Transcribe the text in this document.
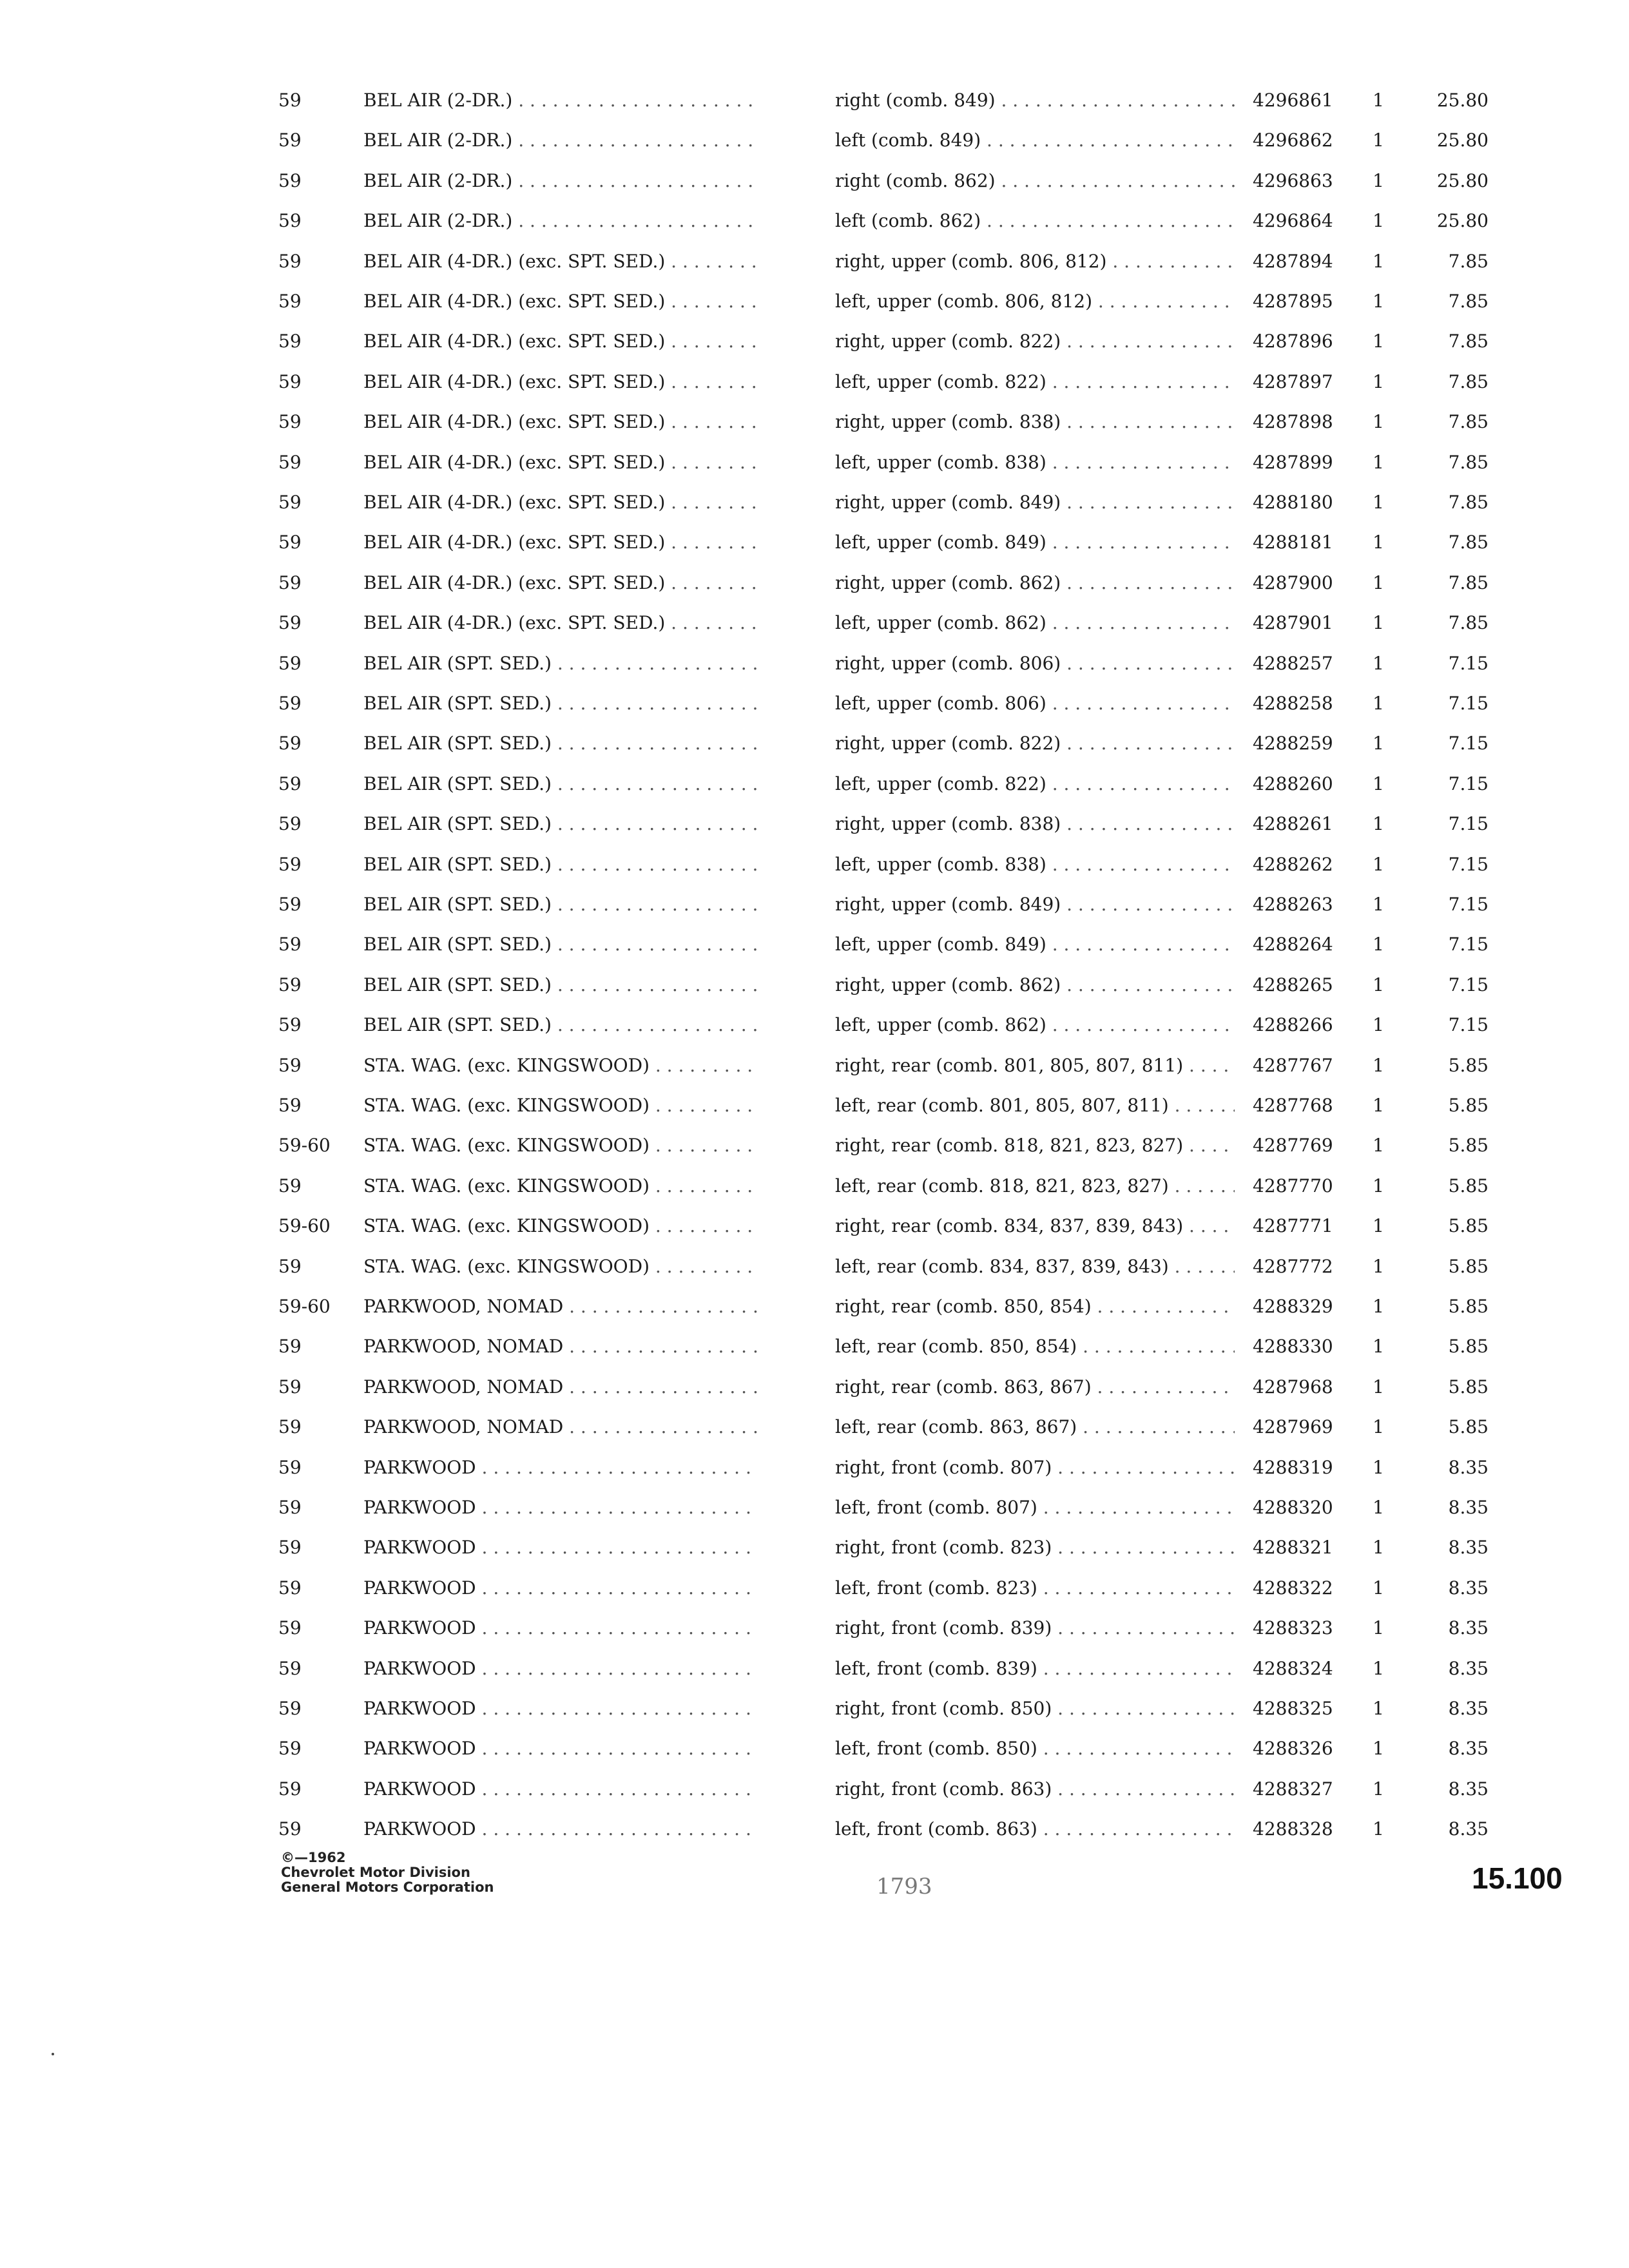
59	BEL AIR (2-DR.) . . .	right (comb. 849) . . .	4296861	1	25.80
59	BEL AIR (2-DR.) . . .	left (comb. 849) . . .	4296862	1	25.80
59	BEL AIR (2-DR.) . . .	right (comb. 862) . . .	4296863	1	25.80
59	BEL AIR (2-DR.) . . .	left (comb. 862) . . .	4296864	1	25.80
59	BEL AIR (4-DR.) (exc. SPT. SED.) . . .	right, upper (comb. 806, 812) . . .	4287894	1	7.85
59	BEL AIR (4-DR.) (exc. SPT. SED.) . . .	left, upper (comb. 806, 812) . . .	4287895	1	7.85
59	BEL AIR (4-DR.) (exc. SPT. SED.) . . .	right, upper (comb. 822) . . .	4287896	1	7.85
59	BEL AIR (4-DR.) (exc. SPT. SED.) . . .	left, upper (comb. 822) . . .	4287897	1	7.85
59	BEL AIR (4-DR.) (exc. SPT. SED.) . . .	right, upper (comb. 838) . . .	4287898	1	7.85
59	BEL AIR (4-DR.) (exc. SPT. SED.) . . .	left, upper (comb. 838) . . .	4287899	1	7.85
59	BEL AIR (4-DR.) (exc. SPT. SED.) . . .	right, upper (comb. 849) . . .	4288180	1	7.85
59	BEL AIR (4-DR.) (exc. SPT. SED.) . . .	left, upper (comb. 849) . . .	4288181	1	7.85
59	BEL AIR (4-DR.) (exc. SPT. SED.) . . .	right, upper (comb. 862) . . .	4287900	1	7.85
59	BEL AIR (4-DR.) (exc. SPT. SED.) . . .	left, upper (comb. 862) . . .	4287901	1	7.85
59	BEL AIR (SPT. SED.) . . .	right, upper (comb. 806) . . .	4288257	1	7.15
59	BEL AIR (SPT. SED.) . . .	left, upper (comb. 806) . . .	4288258	1	7.15
59	BEL AIR (SPT. SED.) . . .	right, upper (comb. 822) . . .	4288259	1	7.15
59	BEL AIR (SPT. SED.) . . .	left, upper (comb. 822) . . .	4288260	1	7.15
59	BEL AIR (SPT. SED.) . . .	right, upper (comb. 838) . . .	4288261	1	7.15
59	BEL AIR (SPT. SED.) . . .	left, upper (comb. 838) . . .	4288262	1	7.15
59	BEL AIR (SPT. SED.) . . .	right, upper (comb. 849) . . .	4288263	1	7.15
59	BEL AIR (SPT. SED.) . . .	left, upper (comb. 849) . . .	4288264	1	7.15
59	BEL AIR (SPT. SED.) . . .	right, upper (comb. 862) . . .	4288265	1	7.15
59	BEL AIR (SPT. SED.) . . .	left, upper (comb. 862) . . .	4288266	1	7.15
59	STA. WAG. (exc. KINGSWOOD) . . .	right, rear (comb. 801, 805, 807, 811) . . .	4287767	1	5.85
59	STA. WAG. (exc. KINGSWOOD) . . .	left, rear (comb. 801, 805, 807, 811) . . .	4287768	1	5.85
59-60	STA. WAG. (exc. KINGSWOOD) . . .	right, rear (comb. 818, 821, 823, 827) . . .	4287769	1	5.85
59	STA. WAG. (exc. KINGSWOOD) . . .	left, rear (comb. 818, 821, 823, 827) . . .	4287770	1	5.85
59-60	STA. WAG. (exc. KINGSWOOD) . . .	right, rear (comb. 834, 837, 839, 843) . . .	4287771	1	5.85
59	STA. WAG. (exc. KINGSWOOD) . . .	left, rear (comb. 834, 837, 839, 843) . . .	4287772	1	5.85
59-60	PARKWOOD, NOMAD . . .	right, rear (comb. 850, 854) . . .	4288329	1	5.85
59	PARKWOOD, NOMAD . . .	left, rear (comb. 850, 854) . . .	4288330	1	5.85
59	PARKWOOD, NOMAD . . .	right, rear (comb. 863, 867) . . .	4287968	1	5.85
59	PARKWOOD, NOMAD . . .	left, rear (comb. 863, 867) . . .	4287969	1	5.85
59	PARKWOOD . . .	right, front (comb. 807) . . .	4288319	1	8.35
59	PARKWOOD . . .	left, front (comb. 807) . . .	4288320	1	8.35
59	PARKWOOD . . .	right, front (comb. 823) . . .	4288321	1	8.35
59	PARKWOOD . . .	left, front (comb. 823) . . .	4288322	1	8.35
59	PARKWOOD . . .	right, front (comb. 839) . . .	4288323	1	8.35
59	PARKWOOD . . .	left, front (comb. 839) . . .	4288324	1	8.35
59	PARKWOOD . . .	right, front (comb. 850) . . .	4288325	1	8.35
59	PARKWOOD . . .	left, front (comb. 850) . . .	4288326	1	8.35
59	PARKWOOD . . .	right, front (comb. 863) . . .	4288327	1	8.35
59	PARKWOOD . . .	left, front (comb. 863) . . .	4288328	1	8.35
©—1962
Chevrolet Motor Division
General Motors Corporation	1793	15.100
